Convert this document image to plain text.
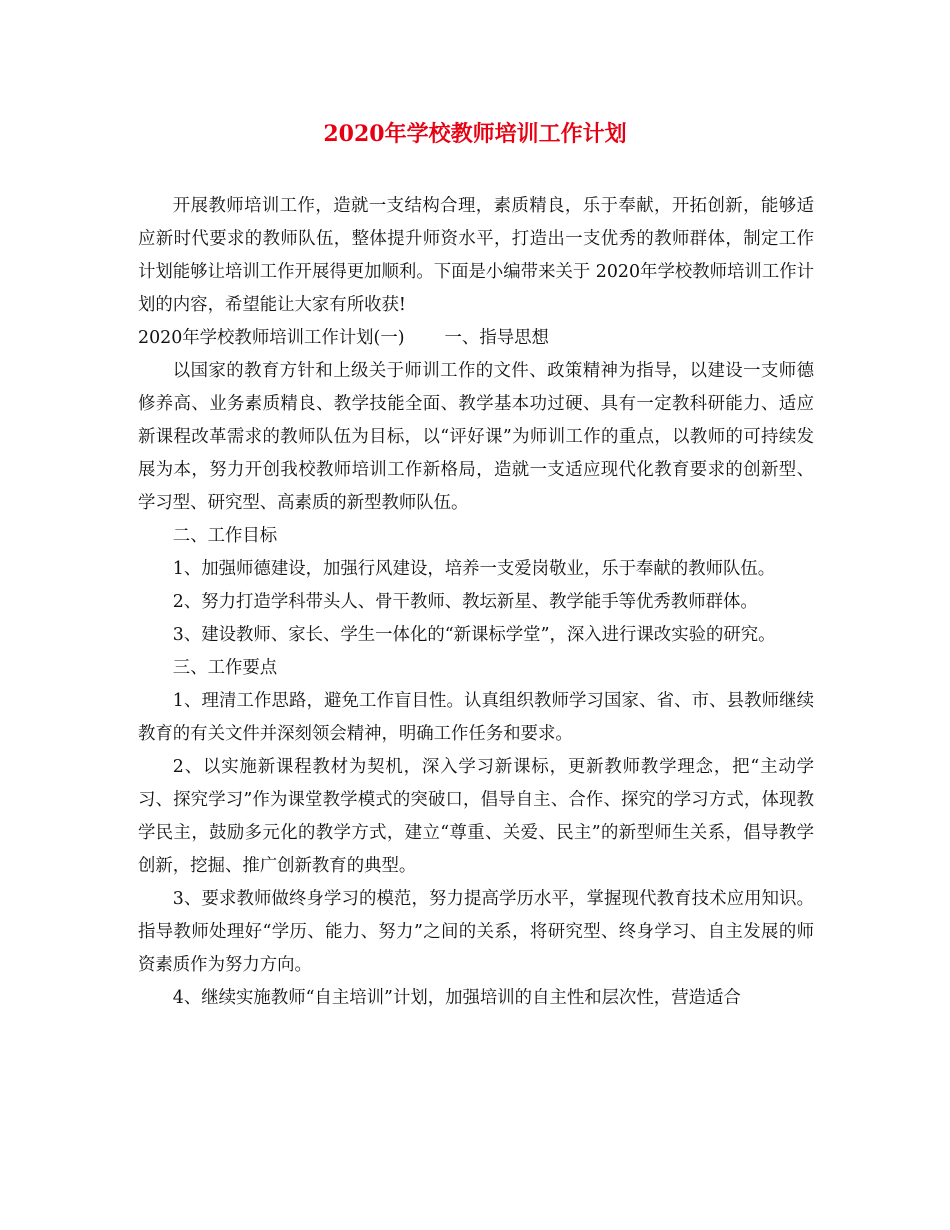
2020年学校教师培训工作计划

开展教师培训工作，造就一支结构合理，素质精良，乐于奉献，开拓创新，能够适应新时代要求的教师队伍，整体提升师资水平，打造出一支优秀的教师群体，制定工作计划能够让培训工作开展得更加顺利。下面是小编带来关于 2020年学校教师培训工作计划的内容，希望能让大家有所收获!

2020年学校教师培训工作计划(一) 一、指导思想

以国家的教育方针和上级关于师训工作的文件、政策精神为指导，以建设一支师德修养高、业务素质精良、教学技能全面、教学基本功过硬、具有一定教科研能力、适应新课程改革需求的教师队伍为目标，以“评好课”为师训工作的重点，以教师的可持续发展为本，努力开创我校教师培训工作新格局，造就一支适应现代化教育要求的创新型、学习型、研究型、高素质的新型教师队伍。

二、工作目标

1、加强师德建设，加强行风建设，培养一支爱岗敬业，乐于奉献的教师队伍。

2、努力打造学科带头人、骨干教师、教坛新星、教学能手等优秀教师群体。

3、建设教师、家长、学生一体化的“新课标学堂”，深入进行课改实验的研究。

三、工作要点

1、理清工作思路，避免工作盲目性。认真组织教师学习国家、省、市、县教师继续教育的有关文件并深刻领会精神，明确工作任务和要求。

2、以实施新课程教材为契机，深入学习新课标，更新教师教学理念，把“主动学习、探究学习”作为课堂教学模式的突破口，倡导自主、合作、探究的学习方式，体现教学民主，鼓励多元化的教学方式，建立“尊重、关爱、民主”的新型师生关系，倡导教学创新，挖掘、推广创新教育的典型。

3、要求教师做终身学习的模范，努力提高学历水平，掌握现代教育技术应用知识。指导教师处理好“学历、能力、努力”之间的关系，将研究型、终身学习、自主发展的师资素质作为努力方向。

4、继续实施教师“自主培训”计划，加强培训的自主性和层次性，营造适合
